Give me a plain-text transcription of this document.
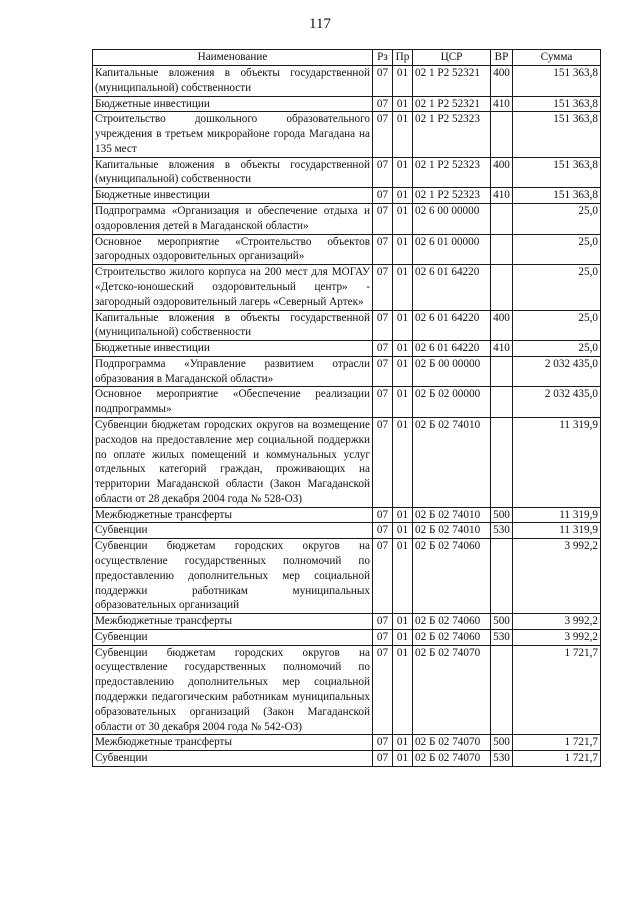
117
Наименование	Рз	Пр	ЦСР	ВР	Сумма
Капитальные вложения в объекты государственной (муниципальной) собственности	07	01	02 1 Р2 52321	400	151 363,8
Бюджетные инвестиции	07	01	02 1 Р2 52321	410	151 363,8
Строительство дошкольного образовательного учреждения в третьем микрорайоне города Магадана на 135 мест	07	01	02 1 Р2 52323		151 363,8
Капитальные вложения в объекты государственной (муниципальной) собственности	07	01	02 1 Р2 52323	400	151 363,8
Бюджетные инвестиции	07	01	02 1 Р2 52323	410	151 363,8
Подпрограмма «Организация и обеспечение отдыха и оздоровления детей в Магаданской области»	07	01	02 6 00 00000		25,0
Основное мероприятие «Строительство объектов загородных оздоровительных организаций»	07	01	02 6 01 00000		25,0
Строительство жилого корпуса на 200 мест для МОГАУ «Детско-юношеский оздоровительный центр» - загородный оздоровительный лагерь «Северный Артек»	07	01	02 6 01 64220		25,0
Капитальные вложения в объекты государственной (муниципальной) собственности	07	01	02 6 01 64220	400	25,0
Бюджетные инвестиции	07	01	02 6 01 64220	410	25,0
Подпрограмма «Управление развитием отрасли образования в Магаданской области»	07	01	02 Б 00 00000		2 032 435,0
Основное мероприятие «Обеспечение реализации подпрограммы»	07	01	02 Б 02 00000		2 032 435,0
Субвенции бюджетам городских округов на возмещение расходов на предоставление мер социальной поддержки по оплате жилых помещений и коммунальных услуг отдельных категорий граждан, проживающих на территории Магаданской области (Закон Магаданской области от 28 декабря 2004 года № 528-ОЗ)	07	01	02 Б 02 74010		11 319,9
Межбюджетные трансферты	07	01	02 Б 02 74010	500	11 319,9
Субвенции	07	01	02 Б 02 74010	530	11 319,9
Субвенции бюджетам городских округов на осуществление государственных полномочий по предоставлению дополнительных мер социальной поддержки работникам муниципальных образовательных организаций	07	01	02 Б 02 74060		3 992,2
Межбюджетные трансферты	07	01	02 Б 02 74060	500	3 992,2
Субвенции	07	01	02 Б 02 74060	530	3 992,2
Субвенции бюджетам городских округов на осуществление государственных полномочий по предоставлению дополнительных мер социальной поддержки педагогическим работникам муниципальных образовательных организаций (Закон Магаданской области от 30 декабря 2004 года № 542-ОЗ)	07	01	02 Б 02 74070		1 721,7
Межбюджетные трансферты	07	01	02 Б 02 74070	500	1 721,7
Субвенции	07	01	02 Б 02 74070	530	1 721,7
